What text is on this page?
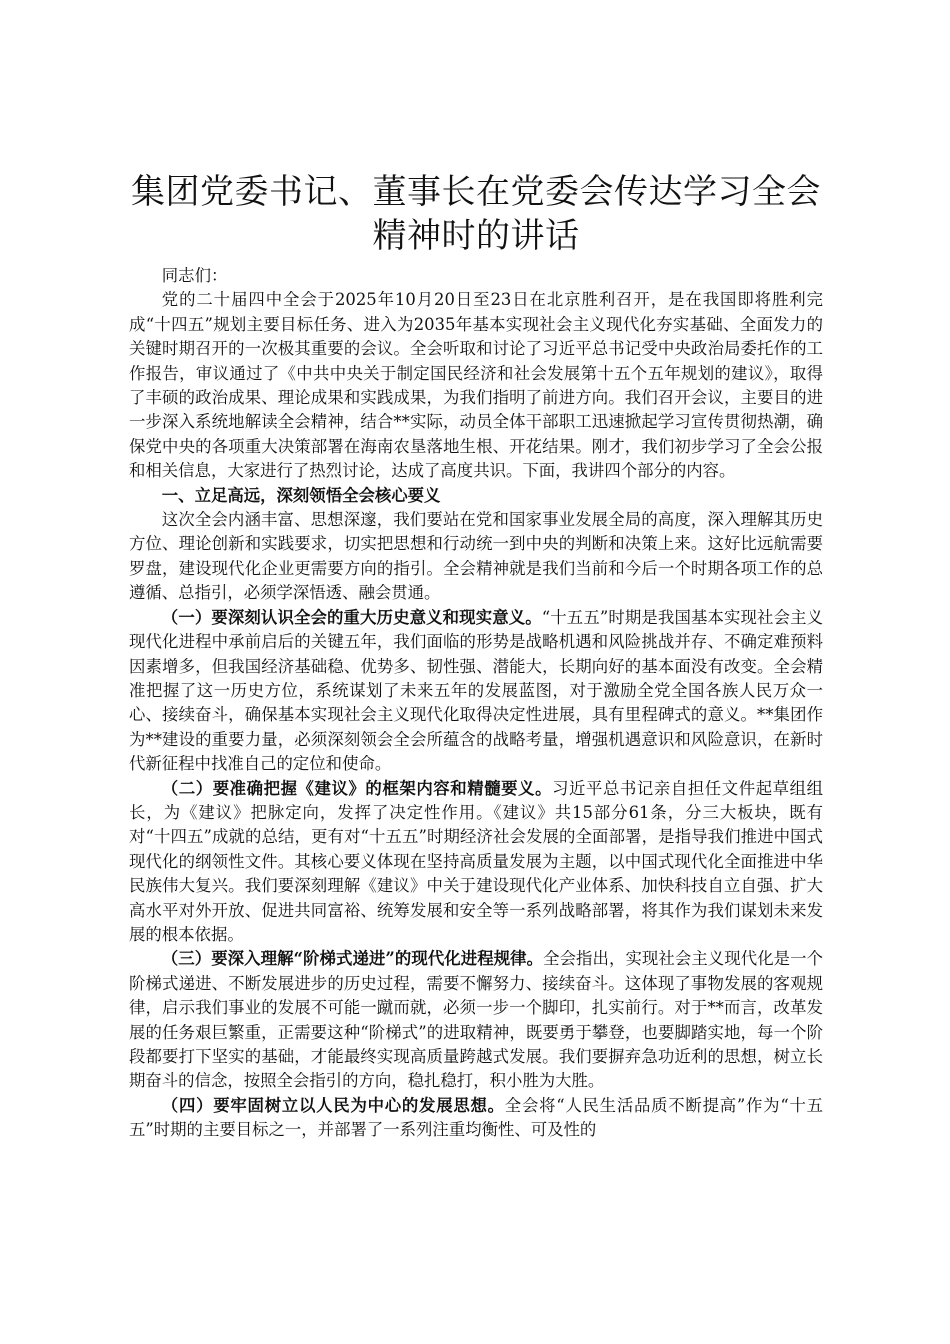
集团党委书记、董事长在党委会传达学习全会精神时的讲话

同志们：

党的二十届四中全会于2025年10月20日至23日在北京胜利召开，是在我国即将胜利完成“十四五”规划主要目标任务、进入为2035年基本实现社会主义现代化夯实基础、全面发力的关键时期召开的一次极其重要的会议。全会听取和讨论了习近平总书记受中央政治局委托作的工作报告，审议通过了《中共中央关于制定国民经济和社会发展第十五个五年规划的建议》，取得了丰硕的政治成果、理论成果和实践成果，为我们指明了前进方向。我们召开会议，主要目的进一步深入系统地解读全会精神，结合**实际，动员全体干部职工迅速掀起学习宣传贯彻热潮，确保党中央的各项重大决策部署在海南农垦落地生根、开花结果。刚才，我们初步学习了全会公报和相关信息，大家进行了热烈讨论，达成了高度共识。下面，我讲四个部分的内容。

一、立足高远，深刻领悟全会核心要义

这次全会内涵丰富、思想深邃，我们要站在党和国家事业发展全局的高度，深入理解其历史方位、理论创新和实践要求，切实把思想和行动统一到中央的判断和决策上来。这好比远航需要罗盘，建设现代化企业更需要方向的指引。全会精神就是我们当前和今后一个时期各项工作的总遵循、总指引，必须学深悟透、融会贯通。

（一）要深刻认识全会的重大历史意义和现实意义。“十五五”时期是我国基本实现社会主义现代化进程中承前启后的关键五年，我们面临的形势是战略机遇和风险挑战并存、不确定难预料因素增多，但我国经济基础稳、优势多、韧性强、潜能大，长期向好的基本面没有改变。全会精准把握了这一历史方位，系统谋划了未来五年的发展蓝图，对于激励全党全国各族人民万众一心、接续奋斗，确保基本实现社会主义现代化取得决定性进展，具有里程碑式的意义。**集团作为**建设的重要力量，必须深刻领会全会所蕴含的战略考量，增强机遇意识和风险意识，在新时代新征程中找准自己的定位和使命。

（二）要准确把握《建议》的框架内容和精髓要义。习近平总书记亲自担任文件起草组组长，为《建议》把脉定向，发挥了决定性作用。《建议》共15部分61条，分三大板块，既有对“十四五”成就的总结，更有对“十五五”时期经济社会发展的全面部署，是指导我们推进中国式现代化的纲领性文件。其核心要义体现在坚持高质量发展为主题，以中国式现代化全面推进中华民族伟大复兴。我们要深刻理解《建议》中关于建设现代化产业体系、加快科技自立自强、扩大高水平对外开放、促进共同富裕、统筹发展和安全等一系列战略部署，将其作为我们谋划未来发展的根本依据。

（三）要深入理解“阶梯式递进”的现代化进程规律。全会指出，实现社会主义现代化是一个阶梯式递进、不断发展进步的历史过程，需要不懈努力、接续奋斗。这体现了事物发展的客观规律，启示我们事业的发展不可能一蹴而就，必须一步一个脚印，扎实前行。对于**而言，改革发展的任务艰巨繁重，正需要这种“阶梯式”的进取精神，既要勇于攀登，也要脚踏实地，每一个阶段都要打下坚实的基础，才能最终实现高质量跨越式发展。我们要摒弃急功近利的思想，树立长期奋斗的信念，按照全会指引的方向，稳扎稳打，积小胜为大胜。

（四）要牢固树立以人民为中心的发展思想。全会将“人民生活品质不断提高”作为“十五五”时期的主要目标之一，并部署了一系列注重均衡性、可及性的
